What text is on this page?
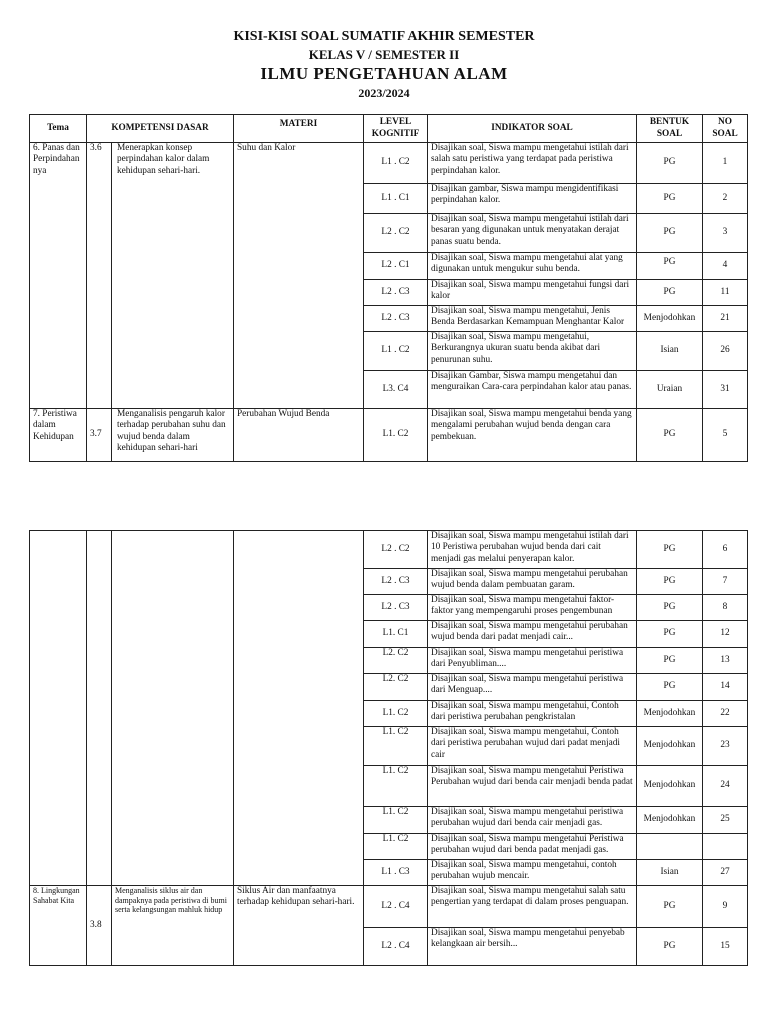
KISI-KISI SOAL SUMATIF AKHIR SEMESTER
KELAS V / SEMESTER II
ILMU PENGETAHUAN ALAM
2023/2024
Tema	KOMPETENSI DASAR		MATERI	LEVEL KOGNITIF	INDIKATOR SOAL	BENTUK SOAL	NO SOAL
6. Panas dan Perpindahan nya	3.6	Menerapkan konsep perpindahan kalor dalam kehidupan sehari-hari.	Suhu dan Kalor	L1 . C2	Disajikan soal, Siswa mampu mengetahui istilah dari salah satu peristiwa yang terdapat pada peristiwa perpindahan kalor.	PG	1
				L1 . C1	Disajikan gambar, Siswa mampu mengidentifikasi perpindahan kalor.	PG	2
				L2 . C2	Disajikan soal, Siswa mampu mengetahui istilah dari besaran yang digunakan untuk menyatakan derajat panas suatu benda.	PG	3
				L2 . C1	Disajikan soal, Siswa mampu mengetahui alat yang digunakan untuk mengukur suhu benda.	PG	4
				L2 . C3	Disajikan soal, Siswa mampu mengetahui fungsi dari kalor	PG	11
				L2 . C3	Disajikan soal, Siswa mampu mengetahui, Jenis Benda Berdasarkan Kemampuan Menghantar Kalor	Menjodohkan	21
				L1 . C2	Disajikan soal, Siswa mampu mengetahui, Berkurangnya ukuran suatu benda akibat dari penurunan suhu.	Isian	26
				L3. C4	Disajikan Gambar, Siswa mampu mengetahui dan menguraikan Cara-cara perpindahan kalor atau panas.	Uraian	31
7. Peristiwa dalam Kehidupan	3.7	Menganalisis pengaruh kalor terhadap perubahan suhu dan wujud benda dalam kehidupan sehari-hari	Perubahan Wujud Benda	L1. C2	Disajikan soal, Siswa mampu mengetahui benda yang mengalami perubahan wujud benda dengan cara pembekuan.	PG	5
				L2 . C2	Disajikan soal, Siswa mampu mengetahui istilah dari 10 Peristiwa perubahan wujud benda dari cait menjadi gas melalui penyerapan kalor.	PG	6
				L2 . C3	Disajikan soal, Siswa mampu mengetahui perubahan wujud benda dalam pembuatan garam.	PG	7
				L2 . C3	Disajikan soal, Siswa mampu mengetahui faktor-faktor yang mempengaruhi proses pengembunan	PG	8
				L1. C1	Disajikan soal, Siswa mampu mengetahui perubahan wujud benda dari padat menjadi cair...	PG	12
				L2. C2	Disajikan soal, Siswa mampu mengetahui peristiwa dari Penyubliman....	PG	13
				L2. C2	Disajikan soal, Siswa mampu mengetahui peristiwa dari Menguap....	PG	14
				L1. C2	Disajikan soal, Siswa mampu mengetahui, Contoh dari peristiwa perubahan pengkristalan	Menjodohkan	22
				L1. C2	Disajikan soal, Siswa mampu mengetahui, Contoh dari peristiwa perubahan wujud dari padat menjadi cair	Menjodohkan	23
				L1. C2	Disajikan soal, Siswa mampu mengetahui Peristiwa Perubahan wujud dari benda cair menjadi benda padat	Menjodohkan	24
				L1. C2	Disajikan soal, Siswa mampu mengetahui peristiwa perubahan wujud dari benda cair menjadi gas.	Menjodohkan	25
				L1. C2	Disajikan soal, Siswa mampu mengetahui Peristiwa perubahan wujud dari benda padat menjadi gas.		
				L1 . C3	Disajikan soal, Siswa mampu mengetahui, contoh perubahan wujub mencair.	Isian	27
8. Lingkungan Sahabat Kita	3.8	Menganalisis siklus air dan dampaknya pada peristiwa di bumi serta kelangsungan mahluk hidup	Siklus Air dan manfaatnya terhadap kehidupan sehari-hari.	L2 . C4	Disajikan soal, Siswa mampu mengetahui salah satu pengertian yang terdapat di dalam proses penguapan.	PG	9
				L2 . C4	Disajikan soal, Siswa mampu mengetahui penyebab kelangkaan air bersih...	PG	15
